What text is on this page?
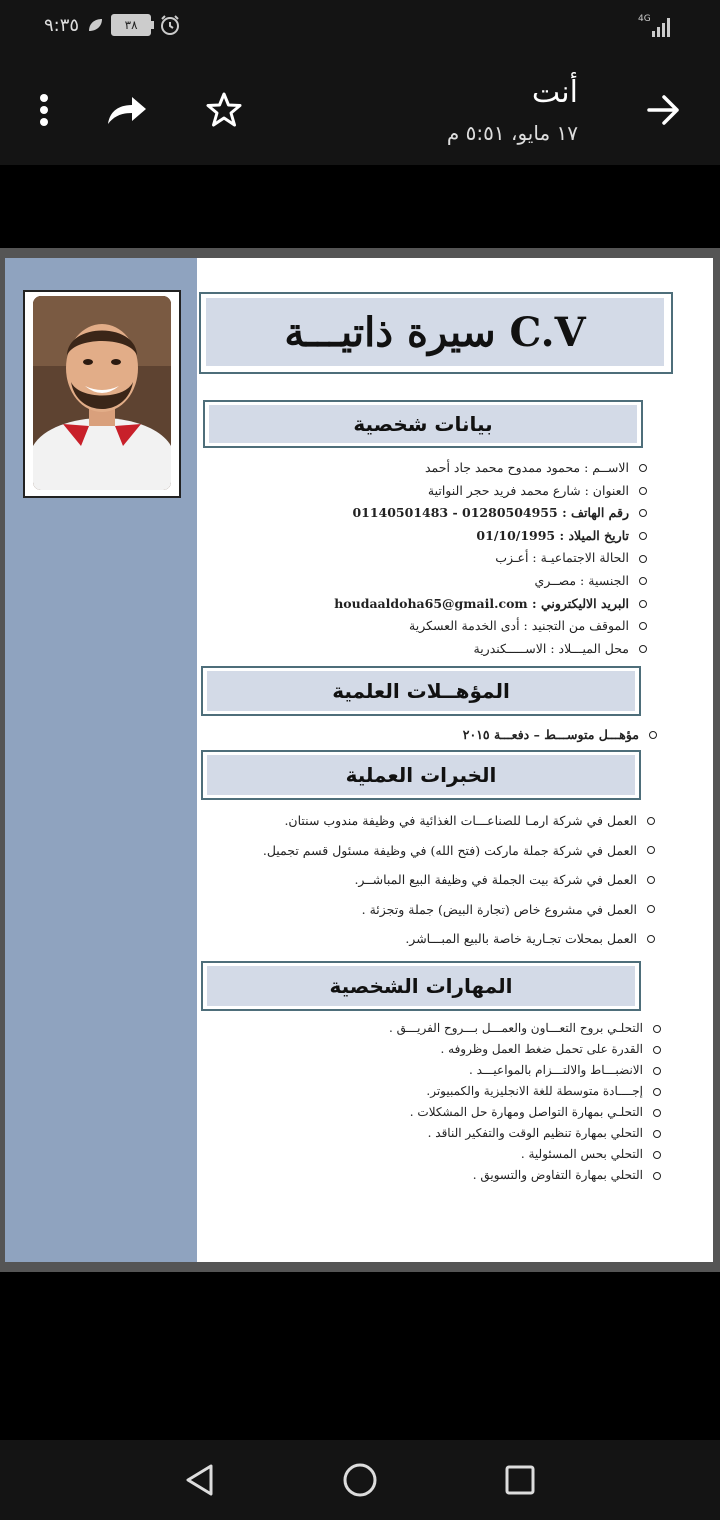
٩:٣٥	٣٨	4G
أنت
١٧ مايو، ٥:٥١ م
سيرة ذاتيـــة C.V
بيانات شخصية
الاســم : محمود ممدوح محمد جاد أحمد
العنوان : شارع محمد فريد حجر النواتية
رقم الهاتف : 01280504955 - 01140501483
تاريخ الميلاد : 01/10/1995
الحالة الاجتماعيـة : أعـزب
الجنسية : مصــري
البريد الاليكتروني : houdaaldoha65@gmail.com
الموقف من التجنيد : أدى الخدمة العسكرية
محل الميـــلاد : الاســـــكندرية
المؤهــلات العلمية
مؤهـــل متوســـط – دفعـــة ٢٠١٥
الخبرات العملية
العمل في شركة ارمـا للصناعـــات الغذائية في وظيفة مندوب سنتان.
العمل في شركة جملة ماركت (فتح الله) في وظيفة مسئول قسم تجميل.
العمل في شركة بيت الجملة في وظيفة البيع المباشــر.
العمل في مشروع خاص (تجارة البيض) جملة وتجزئة .
العمل بمحلات تجـارية خاصة بالبيع المبـــاشر.
المهارات الشخصية
التحلـي بروح التعـــاون والعمـــل بـــروح الفريـــق .
القدرة على تحمل ضغط العمل وظروفه .
الانضبـــاط والالتـــزام بالمواعيـــد .
إجــــادة متوسطة للغة الانجليزية والكمبيوتر.
التحلـي بمهارة التواصل ومهارة حل المشكلات .
التحلي بمهارة تنظيم الوقت والتفكير الناقد .
التحلي بحس المسئولية .
التحلي بمهارة التفاوض والتسويق .
